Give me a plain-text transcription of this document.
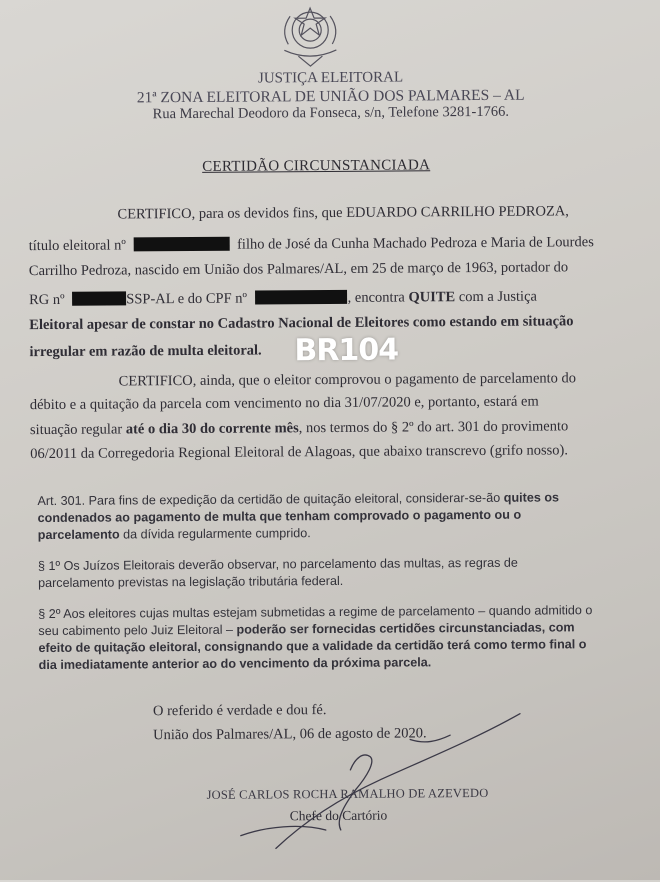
JUSTIÇA ELEITORAL
21ª ZONA ELEITORAL DE UNIÃO DOS PALMARES – AL
Rua Marechal Deodoro da Fonseca, s/n, Telefone 3281-1766.
CERTIDÃO CIRCUNSTANCIADA
CERTIFICO, para os devidos fins, que EDUARDO CARRILHO PEDROZA,
título eleitoral nº	filho de José da Cunha Machado Pedroza e Maria de Lourdes
Carrilho Pedroza, nascido em União dos Palmares/AL, em 25 de março de 1963, portador do
RG nº	SSP-AL e do CPF nº	, encontra QUITE com a Justiça
Eleitoral apesar de constar no Cadastro Nacional de Eleitores como estando em situação
irregular em razão de multa eleitoral.
CERTIFICO, ainda, que o eleitor comprovou o pagamento de parcelamento do
débito e a quitação da parcela com vencimento no dia 31/07/2020 e, portanto, estará em
situação regular até o dia 30 do corrente mês, nos termos do § 2º do art. 301 do provimento
06/2011 da Corregedoria Regional Eleitoral de Alagoas, que abaixo transcrevo (grifo nosso).
Art. 301. Para fins de expedição da certidão de quitação eleitoral, considerar-se-ão quites os
condenados ao pagamento de multa que tenham comprovado o pagamento ou o
parcelamento da dívida regularmente cumprido.
§ 1º Os Juízos Eleitorais deverão observar, no parcelamento das multas, as regras de
parcelamento previstas na legislação tributária federal.
§ 2º Aos eleitores cujas multas estejam submetidas a regime de parcelamento – quando admitido o
seu cabimento pelo Juiz Eleitoral – poderão ser fornecidas certidões circunstanciadas, com
efeito de quitação eleitoral, consignando que a validade da certidão terá como termo final o
dia imediatamente anterior ao do vencimento da próxima parcela.
O referido é verdade e dou fé.
União dos Palmares/AL, 06 de agosto de 2020.
JOSÉ CARLOS ROCHA RAMALHO DE AZEVEDO
Chefe do Cartório
BR104
